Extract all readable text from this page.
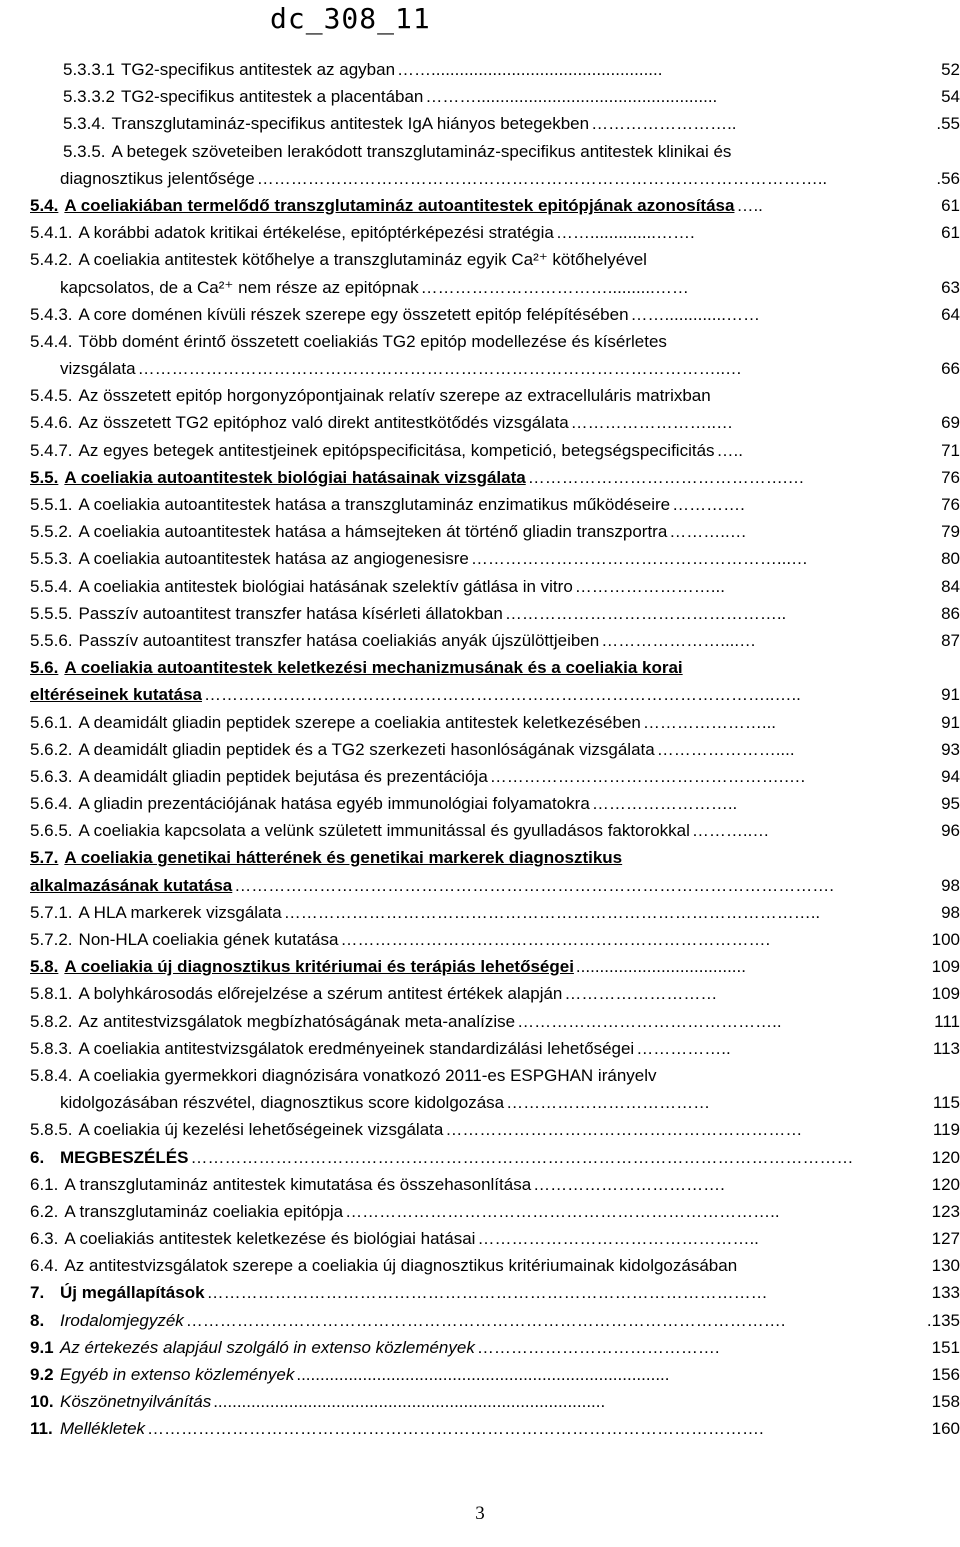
dc_308_11
5.3.3.1 TG2-specifikus antitestek az agyban …….................................................	52
5.3.3.2 TG2-specifikus antitestek a placentában ………...................................................	54
5.3.4. Transzglutamináz-specifikus antitestek IgA hiányos betegekben ……………………..	.55
5.3.5. A betegek szöveteiben lerakódott transzglutamináz-specifikus antitestek klinikai és
diagnosztikus jelentősége ………………………………………………………………………………………..	.56
5.4. A coeliakiában termelődő transzglutamináz autoantitestek epitópjának azonosítása …..	61
5.4.1. A korábbi adatok kritikai értékelése, epitóptérképezési stratégia ……..............…….	61
5.4.2. A coeliakia antitestek kötőhelye a transzglutamináz egyik Ca²⁺ kötőhelyével
kapcsolatos, de a Ca²⁺ nem része az epitópnak ……………………………..........……	63
5.4.3. A core doménen kívüli részek szerepe egy összetett epitóp felépítésében …….............……	64
5.4.4. Több domént érintő összetett coeliakiás TG2 epitóp modellezése és kísérletes
vizsgálata …………………………………………………………………………………………..…	66
5.4.5. Az összetett epitóp horgonyzópontjainak relatív szerepe az extracelluláris matrixban
5.4.6. Az összetett TG2 epitóphoz való direkt antitestkötődés vizsgálata ……………………..…	69
5.4.7. Az egyes betegek antitestjeinek epitópspecificitása, kompetició, betegségspecificitás …..	71
5.5. A coeliakia autoantitestek biológiai hatásainak vizsgálata ……………………………………….…	76
5.5.1. A coeliakia autoantitestek hatása a transzglutamináz enzimatikus működéseire ………….	76
5.5.2. A coeliakia autoantitestek hatása a hámsejteken át történő gliadin transzportra ………..…	79
5.5.3. A coeliakia autoantitestek hatása az angiogenesisre ………………………………………………...…	80
5.5.4. A coeliakia antitestek biológiai hatásának szelektív gátlása in vitro ……………………...	84
5.5.5. Passzív autoantitest transzfer hatása kísérleti állatokban …………………………………………..	86
5.5.6. Passzív autoantitest transzfer hatása coeliakiás anyák újszülöttjeiben …………………....…	87
5.6. A coeliakia autoantitestek keletkezési mechanizmusának és a coeliakia korai
eltéréseinek kutatása ………………………………………………………………………………………..…..	91
5.6.1. A deamidált gliadin peptidek szerepe a coeliakia antitestek keletkezésében …………………...	91
5.6.2. A deamidált gliadin peptidek és a TG2 szerkezeti hasonlóságának vizsgálata …………………....	93
5.6.3. A deamidált gliadin peptidek bejutása és prezentációja …………………………………………….….	94
5.6.4. A gliadin prezentációjának hatása egyéb immunológiai folyamatokra ……………………..	95
5.6.5. A coeliakia kapcsolata a velünk született immunitással és gyulladásos faktorokkal ………..…	96
5.7. A coeliakia genetikai hátterének és genetikai markerek diagnosztikus
alkalmazásának kutatása …………………………………………………………………………………………….	98
5.7.1. A HLA markerek vizsgálata …………………………………………………………………………………..	98
5.7.2. Non-HLA coeliakia gének kutatása ………………………………………………………………….	100
5.8. A coeliakia új diagnosztikus kritériumai és terápiás lehetőségei ....................................	109
5.8.1. A bolyhkárosodás előrejelzése a szérum antitest értékek alapján ………………………	109
5.8.2. Az antitestvizsgálatok megbízhatóságának meta-analízise ………………………………………..	111
5.8.3. A coeliakia antitestvizsgálatok eredményeinek standardizálási lehetőségei ……………..	113
5.8.4. A coeliakia gyermekkori diagnózisára vonatkozó 2011-es ESPGHAN irányelv
kidolgozásában részvétel, diagnosztikus score kidolgozása ………………………………	115
5.8.5. A coeliakia új kezelési lehetőségeinek vizsgálata ………………………………………………………	119
6. MEGBESZÉLÉS ………………………………………………………………………………………………………	120
6.1. A transzglutamináz antitestek kimutatása és összehasonlítása …………………………….	120
6.2. A transzglutamináz coeliakia epitópja …………………………………………………………………..	123
6.3. A coeliakiás antitestek keletkezése és biológiai hatásai …………………………………………..	127
6.4. Az antitestvizsgálatok szerepe a coeliakia új diagnosztikus kritériumainak kidolgozásában	130
7. Új megállapítások ………………………………………………………………………………………	133
8. Irodalomjegyzék …………………………………………………………………………………………….	.135
9.1 Az értekezés alapjául szolgáló in extenso közlemények …………………………………….	151
9.2 Egyéb in extenso közlemények ...............................................................................	156
10. Köszönetnyilvánítás ...................................................................................	158
11. Mellékletek ……………………………………………………………………………………………….	160
3
